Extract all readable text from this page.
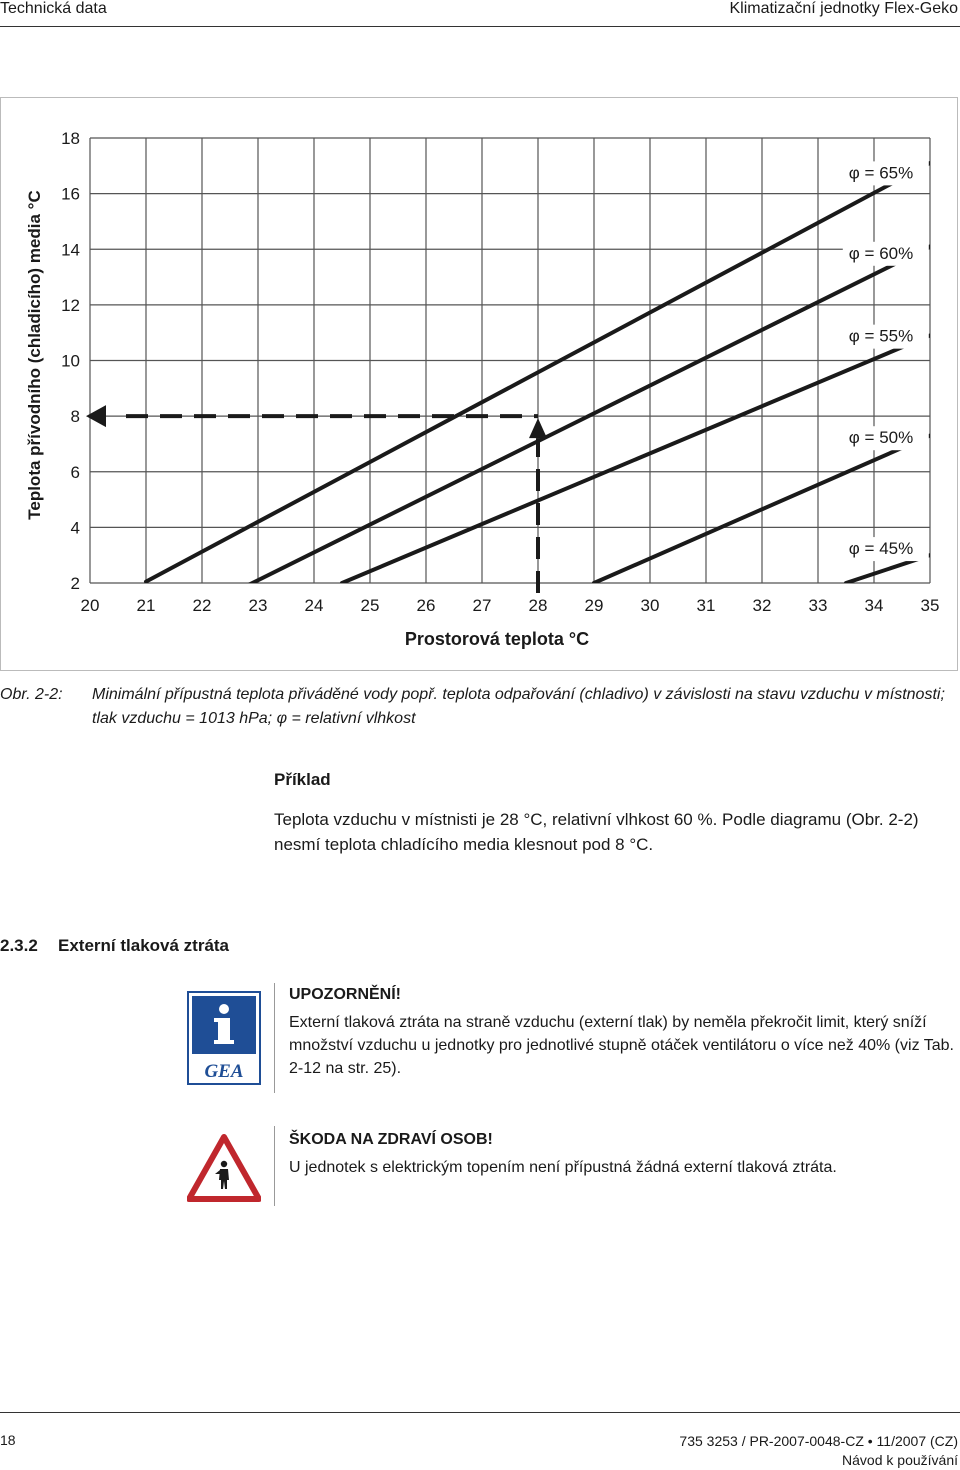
Technická data	Klimatizační jednotky Flex-Geko
20 21 22 23 24 25 26 27 28 29 30 31 32 33 34 35
2
4
6
8
10
12
14
16
18
φ = 65%
φ = 60%
φ = 55%
φ = 50%
φ = 45%
Prostorová teplota °C
Teplota přívodního (chladicího) media °C
Obr. 2-2: Minimální přípustná teplota přiváděné vody popř. teplota odpařování (chladivo) v závislosti na stavu vzduchu v místnosti; tlak vzduchu = 1013 hPa; φ = relativní vlhkost
Příklad
Teplota vzduchu v místnisti je 28 °C, relativní vlhkost 60 %. Podle diagramu (Obr. 2-2) nesmí teplota chladícího media klesnout pod 8 °C.
2.3.2 Externí tlaková ztráta
GEA
UPOZORNĚNÍ!
Externí tlaková ztráta na straně vzduchu (externí tlak) by neměla překročit limit, který sníží množství vzduchu u jednotky pro jednotlivé stupně otáček ventilátoru o více než 40% (viz Tab. 2-12 na str. 25).
ŠKODA NA ZDRAVÍ OSOB!
U jednotek s elektrickým topením není přípustná žádná externí tlaková ztráta.
18	735 3253 / PR-2007-0048-CZ • 11/2007 (CZ)
Návod k používání
